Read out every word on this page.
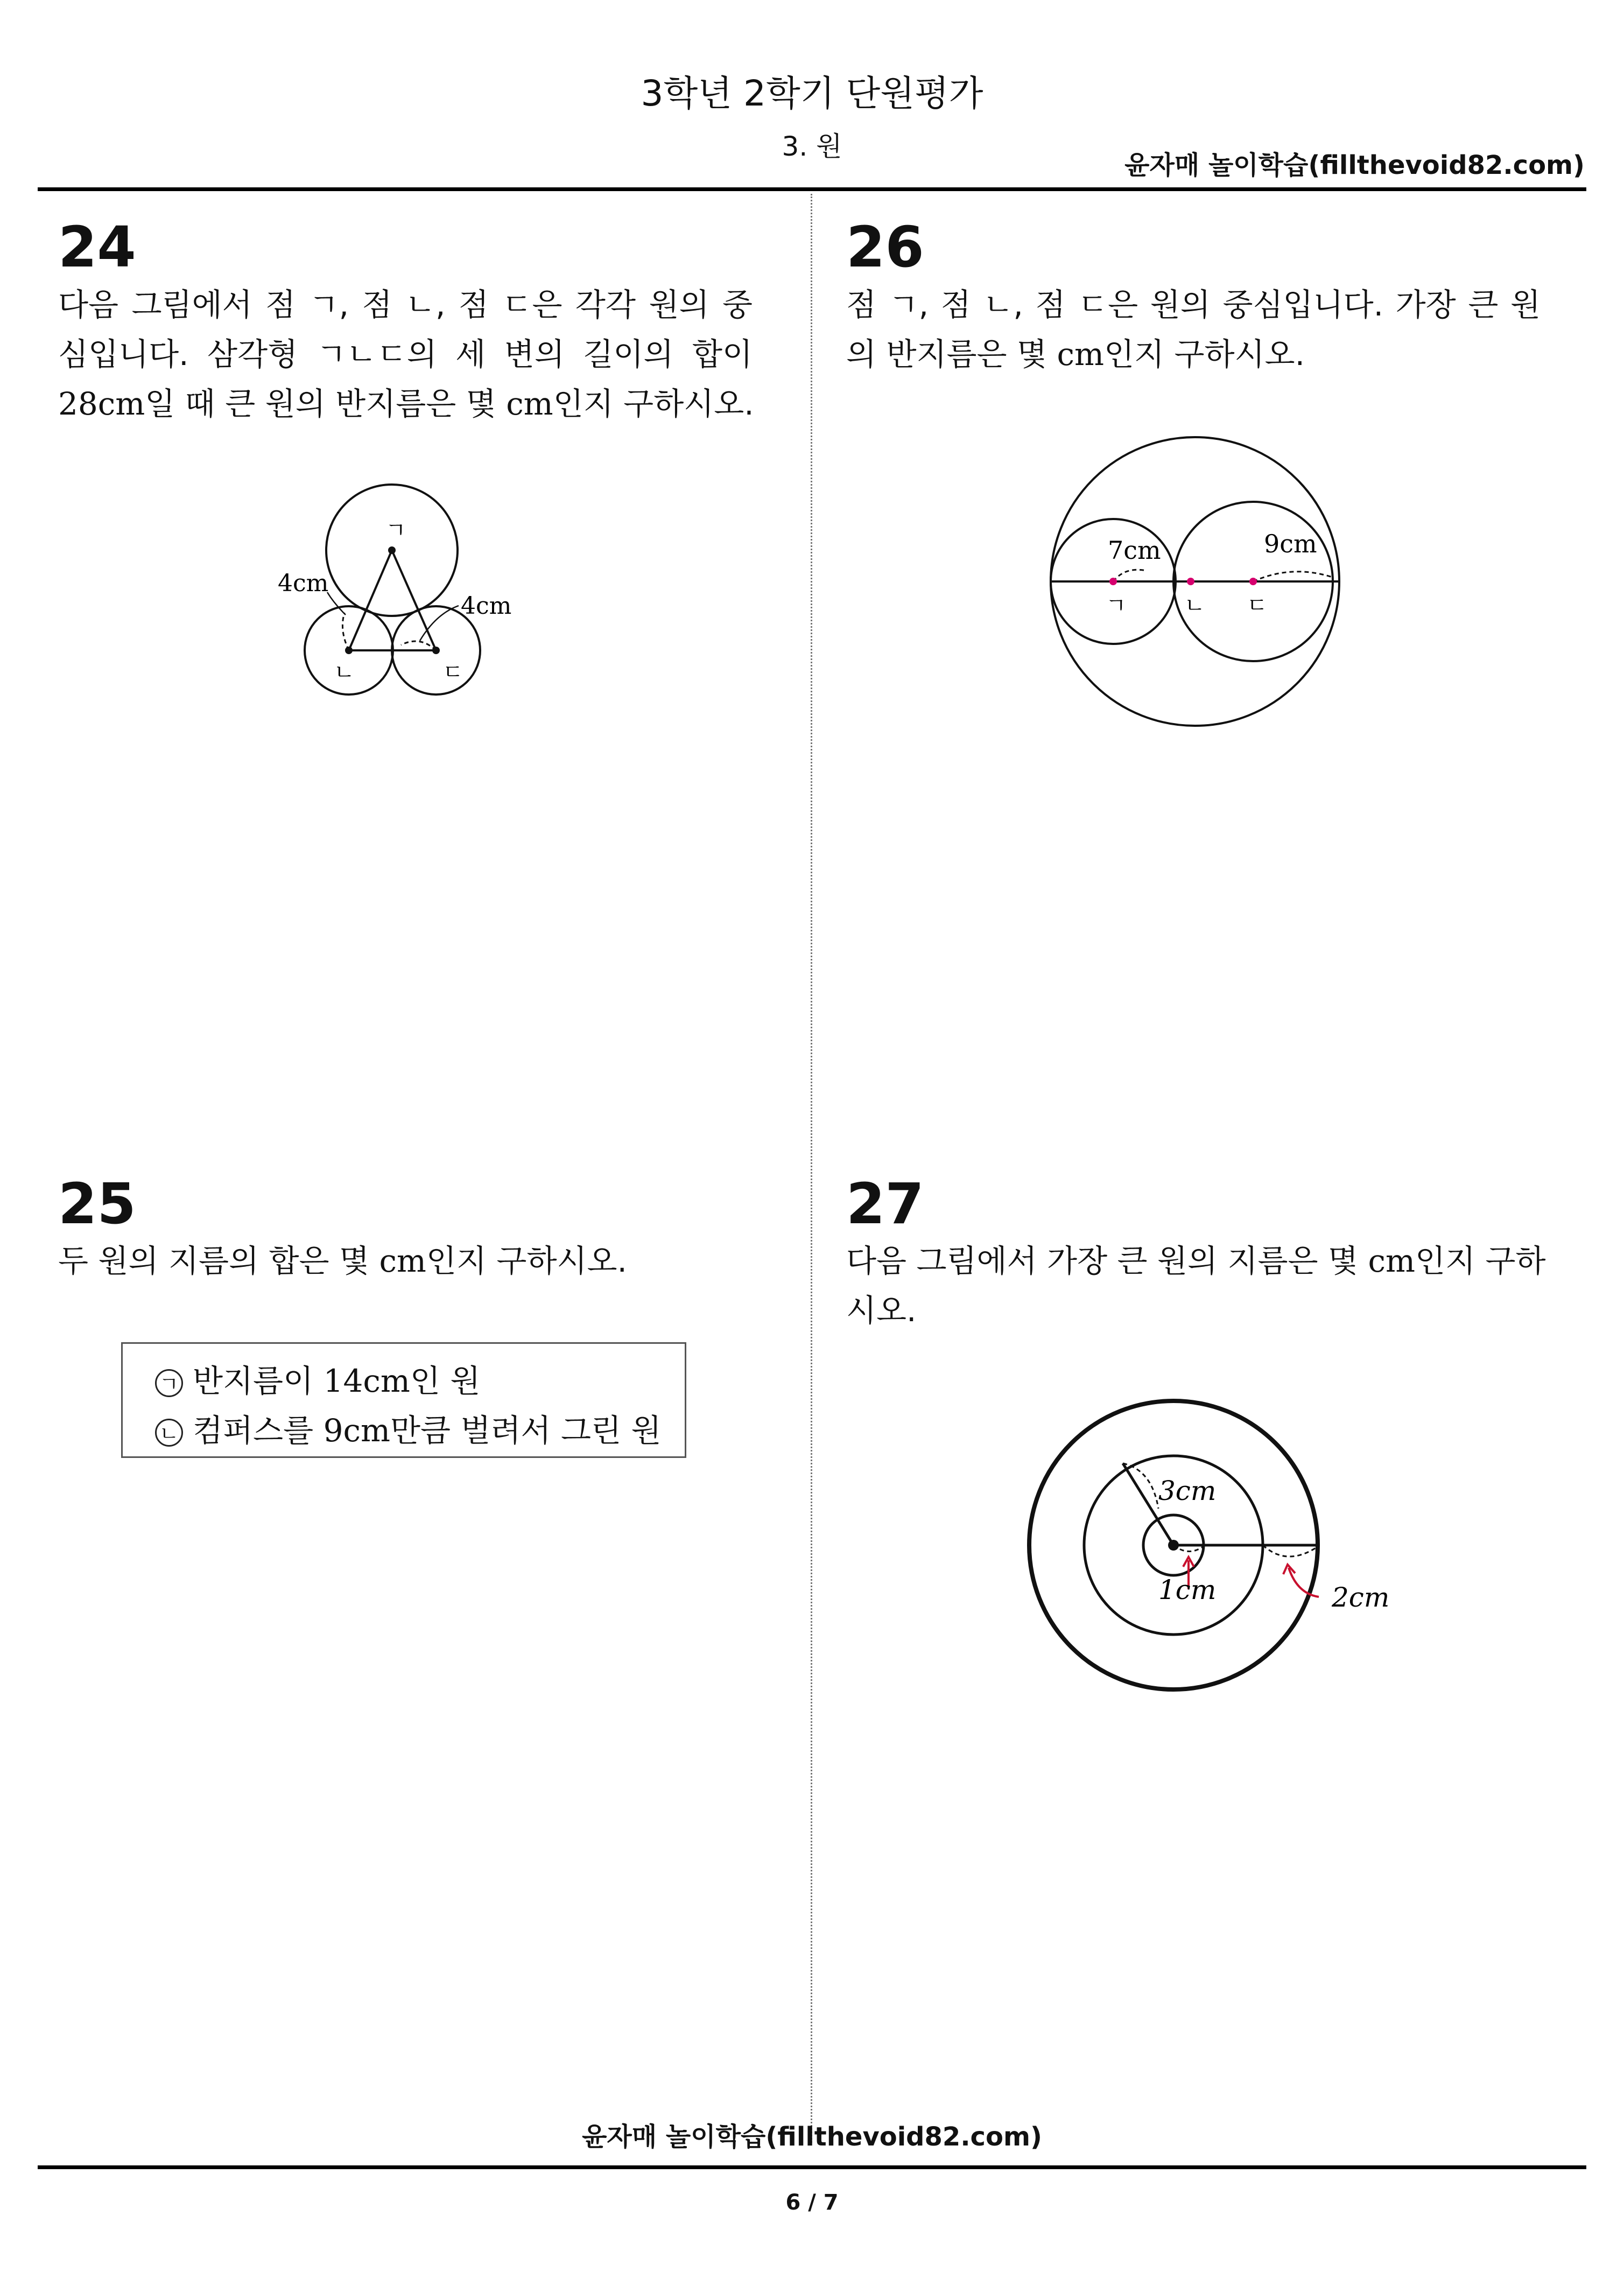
3학년 2학기 단원평가
3. 원
윤자매 놀이학습(fillthevoid82.com)
24
다음 그림에서 점 ㄱ, 점 ㄴ, 점 ㄷ은 각각 원의 중
심입니다. 삼각형 ㄱㄴㄷ의 세 변의 길이의 합이
28cm일 때 큰 원의 반지름은 몇 cm인지 구하시오.
ㄱ
ㄴ	ㄷ
4cm
4cm
26
점 ㄱ, 점 ㄴ, 점 ㄷ은 원의 중심입니다. 가장 큰 원
의 반지름은 몇 cm인지 구하시오.
7cm	9cm
ㄱ	ㄴ ㄷ
25
두 원의 지름의 합은 몇 cm인지 구하시오.
ㄱ 반지름이 14cm인 원
ㄴ 컴퍼스를 9cm만큼 벌려서 그린 원
27
다음 그림에서 가장 큰 원의 지름은 몇 cm인지 구하
시오.
3cm
1cm	2cm
윤자매 놀이학습(fillthevoid82.com)
6 / 7
